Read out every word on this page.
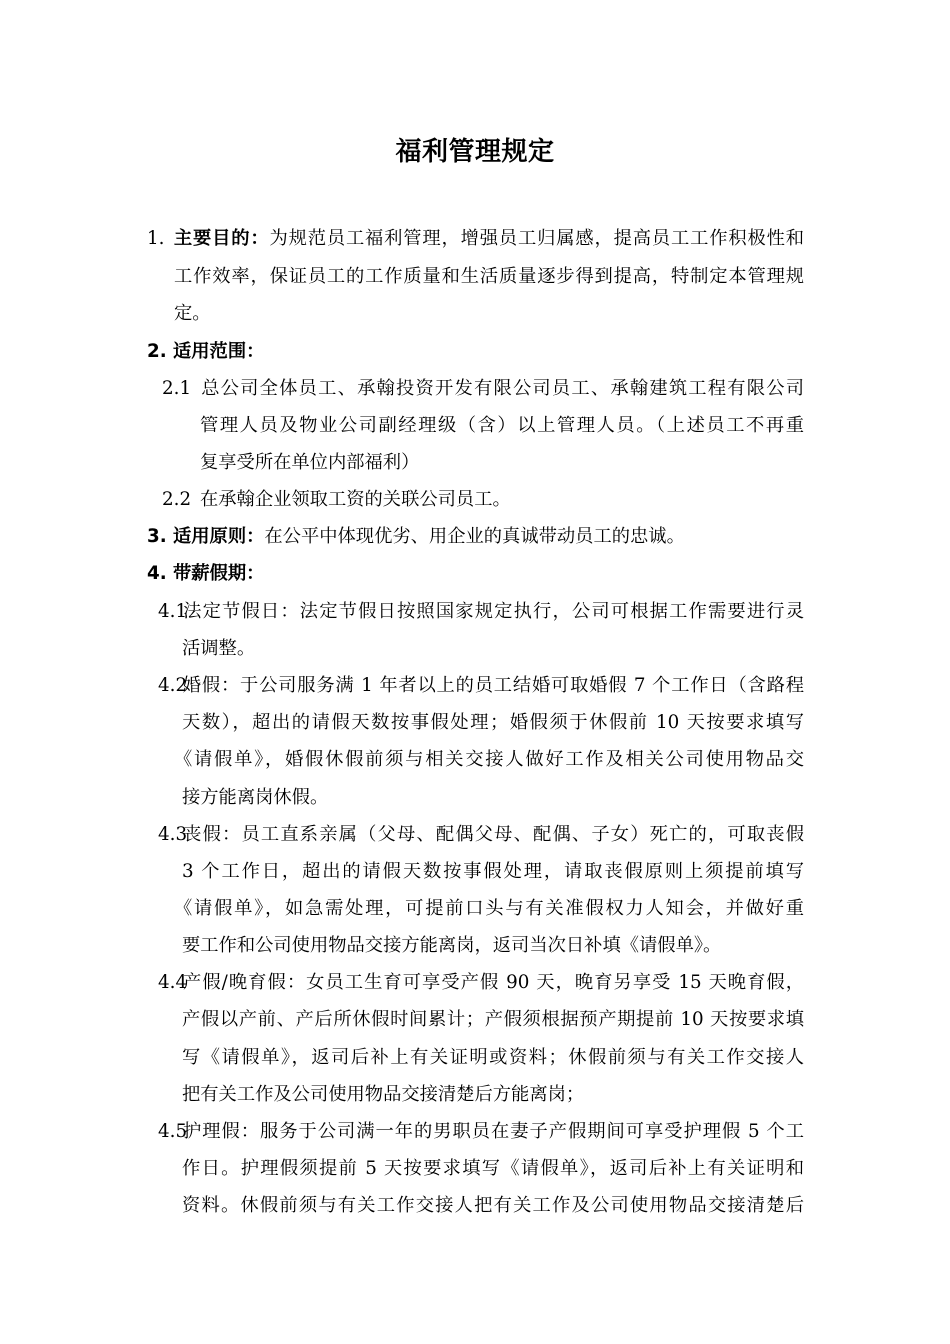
福利管理规定
1. 主要目的：为规范员工福利管理，增强员工归属感，提高员工工作积极性和
工作效率，保证员工的工作质量和生活质量逐步得到提高，特制定本管理规
定。
2. 适用范围：
2.1 总公司全体员工、承翰投资开发有限公司员工、承翰建筑工程有限公司
管理人员及物业公司副经理级（含）以上管理人员。（上述员工不再重
复享受所在单位内部福利）
2.2 在承翰企业领取工资的关联公司员工。
3. 适用原则：在公平中体现优劣、用企业的真诚带动员工的忠诚。
4. 带薪假期：
4.1法定节假日：法定节假日按照国家规定执行，公司可根据工作需要进行灵
活调整。
4.2婚假：于公司服务满 1 年者以上的员工结婚可取婚假 7 个工作日（含路程
天数），超出的请假天数按事假处理；婚假须于休假前 10 天按要求填写
《请假单》，婚假休假前须与相关交接人做好工作及相关公司使用物品交
接方能离岗休假。
4.3丧假：员工直系亲属（父母、配偶父母、配偶、子女）死亡的，可取丧假
3 个工作日，超出的请假天数按事假处理，请取丧假原则上须提前填写
《请假单》，如急需处理，可提前口头与有关准假权力人知会，并做好重
要工作和公司使用物品交接方能离岗，返司当次日补填《请假单》。
4.4产假/晚育假：女员工生育可享受产假 90 天，晚育另享受 15 天晚育假，
产假以产前、产后所休假时间累计；产假须根据预产期提前 10 天按要求填
写《请假单》，返司后补上有关证明或资料；休假前须与有关工作交接人
把有关工作及公司使用物品交接清楚后方能离岗；
4.5护理假：服务于公司满一年的男职员在妻子产假期间可享受护理假 5 个工
作日。护理假须提前 5 天按要求填写《请假单》，返司后补上有关证明和
资料。休假前须与有关工作交接人把有关工作及公司使用物品交接清楚后
